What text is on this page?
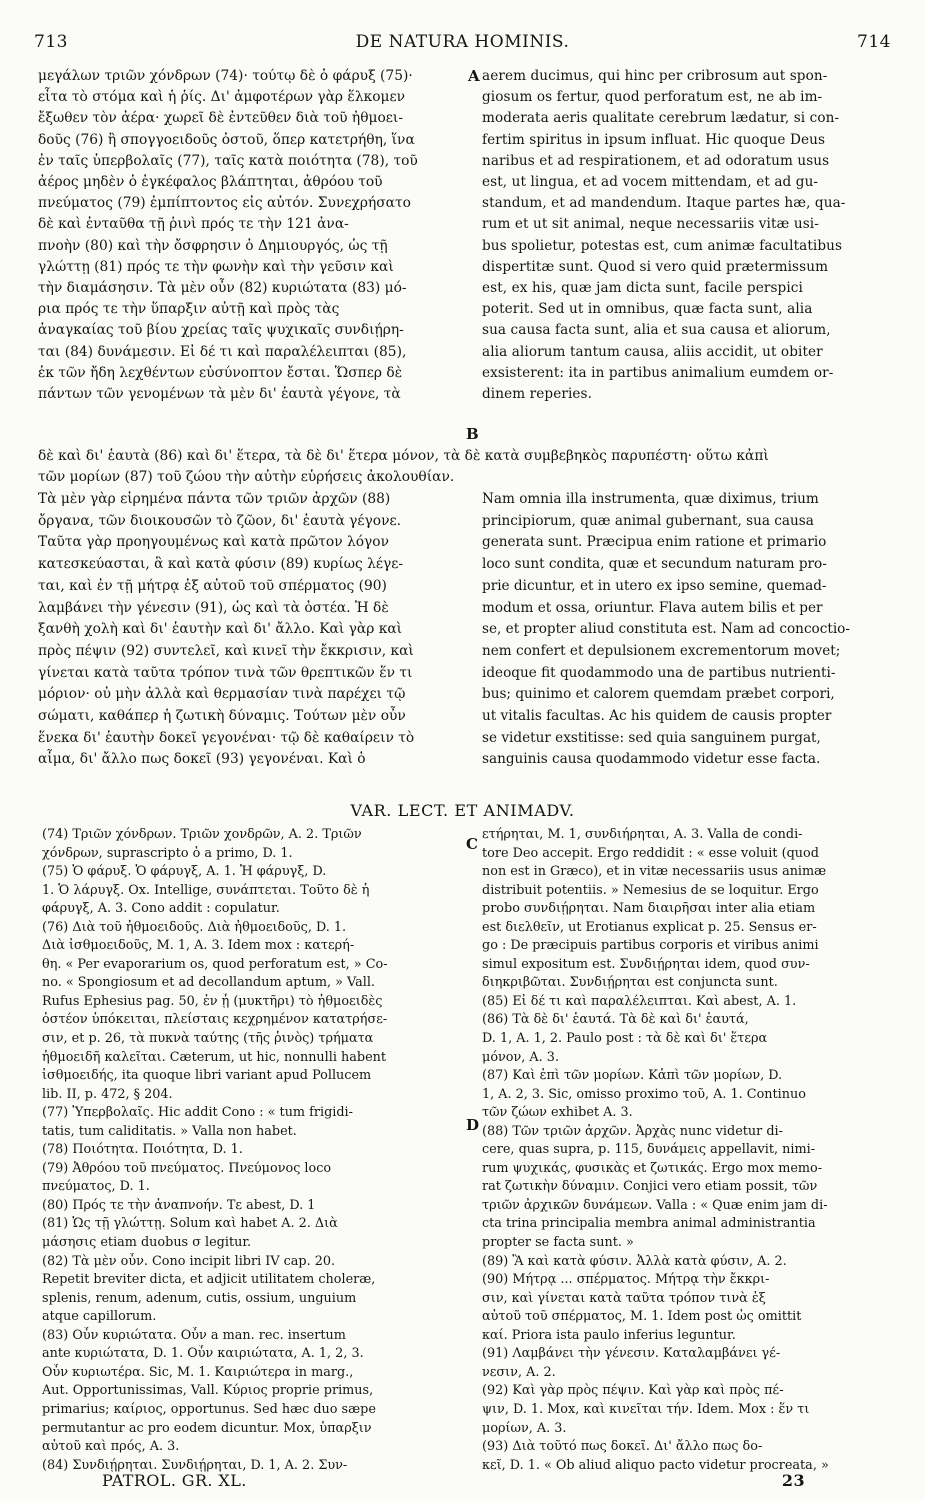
713	DE NATURA HOMINIS.	714
A
B
C
D
μεγάλων τριῶν χόνδρων (74)· τούτῳ δὲ ὁ φάρυξ (75)·
εἶτα τὸ στόμα καὶ ἡ ῥίς. Δι' ἀμφοτέρων γὰρ ἕλκομεν
ἔξωθεν τὸν ἀέρα· χωρεῖ δὲ ἐντεῦθεν διὰ τοῦ ἠθμοει-
δοῦς (76) ἢ σπογγοειδοῦς ὀστοῦ, ὅπερ κατετρήθη, ἵνα
ἐν ταῖς ὑπερβολαῖς (77), ταῖς κατὰ ποιότητα (78), τοῦ
ἀέρος μηδὲν ὁ ἐγκέφαλος βλάπτηται, ἀθρόου τοῦ
πνεύματος (79) ἐμπίπτοντος εἰς αὐτόν. Συνεχρήσατο
δὲ καὶ ἐνταῦθα τῇ ῥινὶ πρός τε τὴν 121 ἀνα-
πνοὴν (80) καὶ τὴν ὄσφρησιν ὁ Δημιουργός, ὡς τῇ
γλώττῃ (81) πρός τε τὴν φωνὴν καὶ τὴν γεῦσιν καὶ
τὴν διαμάσησιν. Τὰ μὲν οὖν (82) κυριώτατα (83) μό-
ρια πρός τε τὴν ὕπαρξιν αὐτῇ καὶ πρὸς τὰς
ἀναγκαίας τοῦ βίου χρείας ταῖς ψυχικαῖς συνδιῄρη-
ται (84) δυνάμεσιν. Εἰ δέ τι καὶ παραλέλειπται (85),
ἐκ τῶν ἤδη λεχθέντων εὐσύνοπτον ἔσται. Ὥσπερ δὲ
πάντων τῶν γενομένων τὰ μὲν δι' ἑαυτὰ γέγονε, τὰ
aerem ducimus, qui hinc per cribrosum aut spon-
giosum os fertur, quod perforatum est, ne ab im-
moderata aeris qualitate cerebrum lædatur, si con-
fertim spiritus in ipsum influat. Hic quoque Deus
naribus et ad respirationem, et ad odoratum usus
est, ut lingua, et ad vocem mittendam, et ad gu-
standum, et ad mandendum. Itaque partes hæ, qua-
rum et ut sit animal, neque necessariis vitæ usi-
bus spolietur, potestas est, cum animæ facultatibus
dispertitæ sunt. Quod si vero quid prætermissum
est, ex his, quæ jam dicta sunt, facile perspici
poterit. Sed ut in omnibus, quæ facta sunt, alia
sua causa facta sunt, alia et sua causa et aliorum,
alia aliorum tantum causa, aliis accidit, ut obiter
exsisterent: ita in partibus animalium eumdem or-
dinem reperies.
δὲ καὶ δι' ἑαυτὰ (86) καὶ δι' ἕτερα, τὰ δὲ δι' ἕτερα μόνον, τὰ δὲ κατὰ συμβεβηκὸς παρυπέστη· οὕτω κἀπὶ
τῶν μορίων (87) τοῦ ζώου τὴν αὐτὴν εὑρήσεις ἀκολουθίαν.
Τὰ μὲν γὰρ εἰρημένα πάντα τῶν τριῶν ἀρχῶν (88)
ὄργανα, τῶν διοικουσῶν τὸ ζῶον, δι' ἑαυτὰ γέγονε.
Ταῦτα γὰρ προηγουμένως καὶ κατὰ πρῶτον λόγον
κατεσκεύασται, ἃ καὶ κατὰ φύσιν (89) κυρίως λέγε-
ται, καὶ ἐν τῇ μήτρᾳ ἐξ αὐτοῦ τοῦ σπέρματος (90)
λαμβάνει τὴν γένεσιν (91), ὡς καὶ τὰ ὀστέα. Ἡ δὲ
ξανθὴ χολὴ καὶ δι' ἑαυτὴν καὶ δι' ἄλλο. Καὶ γὰρ καὶ
πρὸς πέψιν (92) συντελεῖ, καὶ κινεῖ τὴν ἔκκρισιν, καὶ
γίνεται κατὰ ταῦτα τρόπον τινὰ τῶν θρεπτικῶν ἕν τι
μόριον· οὐ μὴν ἀλλὰ καὶ θερμασίαν τινὰ παρέχει τῷ
σώματι, καθάπερ ἡ ζωτικὴ δύναμις. Τούτων μὲν οὖν
ἕνεκα δι' ἑαυτὴν δοκεῖ γεγονέναι· τῷ δὲ καθαίρειν τὸ
αἷμα, δι' ἄλλο πως δοκεῖ (93) γεγονέναι. Καὶ ὁ
Nam omnia illa instrumenta, quæ diximus, trium
principiorum, quæ animal gubernant, sua causa
generata sunt. Præcipua enim ratione et primario
loco sunt condita, quæ et secundum naturam pro-
prie dicuntur, et in utero ex ipso semine, quemad-
modum et ossa, oriuntur. Flava autem bilis et per
se, et propter aliud constituta est. Nam ad concoctio-
nem confert et depulsionem excrementorum movet;
ideoque fit quodammodo una de partibus nutrienti-
bus; quinimo et calorem quemdam præbet corpori,
ut vitalis facultas. Ac his quidem de causis propter
se videtur exstitisse: sed quia sanguinem purgat,
sanguinis causa quodammodo videtur esse facta.
VAR. LECT. ET ANIMADV.
(74) Τριῶν χόνδρων. Τριῶν χονδρῶν, A. 2. Τριῶν
χόνδρων, suprascripto ὁ a primo, D. 1.
(75) Ὁ φάρυξ. Ὁ φάρυγξ, A. 1. Ἡ φάρυγξ, D.
1. Ὁ λάρυγξ. Ox. Intellige, συνάπτεται. Τοῦτο δὲ ἡ
φάρυγξ, A. 3. Cono addit : copulatur.
(76) Διὰ τοῦ ἠθμοειδοῦς. Διὰ ἠθμοειδοῦς, D. 1.
Διὰ ἰσθμοειδοῦς, M. 1, A. 3. Idem mox : κατερή-
θη. « Per evaporarium os, quod perforatum est, » Co-
no. « Spongiosum et ad decollandum aptum, » Vall.
Rufus Ephesius pag. 50, ἐν ᾗ (μυκτῆρι) τὸ ἠθμοειδὲς
ὀστέον ὑπόκειται, πλείσταις κεχρημένον κατατρήσε-
σιν, et p. 26, τὰ πυκνὰ ταύτης (τῆς ῥινὸς) τρήματα
ἠθμοειδῆ καλεῖται. Cæterum, ut hic, nonnulli habent
ἰσθμοειδής, ita quoque libri variant apud Pollucem
lib. II, p. 472, § 204.
(77) Ὑπερβολαῖς. Hic addit Cono : « tum frigidi-
tatis, tum caliditatis. » Valla non habet.
(78) Ποιότητα. Ποιότητα, D. 1.
(79) Ἀθρόου τοῦ πνεύματος. Πνεύμονος loco
πνεύματος, D. 1.
(80) Πρός τε τὴν ἀναπνοήν. Τε abest, D. 1
(81) Ὡς τῇ γλώττῃ. Solum καὶ habet A. 2. Διὰ
μάσησις etiam duobus σ legitur.
(82) Τὰ μὲν οὖν. Cono incipit libri IV cap. 20.
Repetit breviter dicta, et adjicit utilitatem choleræ,
splenis, renum, adenum, cutis, ossium, unguium
atque capillorum.
(83) Οὖν κυριώτατα. Οὖν a man. rec. insertum
ante κυριώτατα, D. 1. Οὖν καιριώτατα, A. 1, 2, 3.
Οὖν κυριωτέρα. Sic, M. 1. Καιριώτερα in marg.,
Aut. Opportunissimas, Vall. Κύριος proprie primus,
primarius; καίριος, opportunus. Sed hæc duo sæpe
permutantur ac pro eodem dicuntur. Mox, ὑπαρξιν
αὐτοῦ καὶ πρός, A. 3.
(84) Συνδιῄρηται. Συνδιῄρηται, D. 1, A. 2. Συν-
ετήρηται, M. 1, συνδιήρηται, A. 3. Valla de condi-
tore Deo accepit. Ergo reddidit : « esse voluit (quod
non est in Græco), et in vitæ necessariis usus animæ
distribuit potentiis. » Nemesius de se loquitur. Ergo
probo συνδιῄρηται. Nam διαιρῆσαι inter alia etiam
est διελθεῖν, ut Erotianus explicat p. 25. Sensus er-
go : De præcipuis partibus corporis et viribus animi
simul expositum est. Συνδιῄρηται idem, quod συν-
διηκριβῶται. Συνδιῄρηται est conjuncta sunt.
(85) Εἰ δέ τι καὶ παραλέλειπται. Καὶ abest, A. 1.
(86) Τὰ δὲ δι' ἑαυτά. Τὰ δὲ καὶ δι' ἑαυτά,
D. 1, A. 1, 2. Paulo post : τὰ δὲ καὶ δι' ἕτερα
μόνον, A. 3.
(87) Καὶ ἐπὶ τῶν μορίων. Κἀπὶ τῶν μορίων, D.
1, A. 2, 3. Sic, omisso proximo τοῦ, A. 1. Continuo
τῶν ζώων exhibet A. 3.
(88) Τῶν τριῶν ἀρχῶν. Ἀρχὰς nunc videtur di-
cere, quas supra, p. 115, δυνάμεις appellavit, nimi-
rum ψυχικάς, φυσικὰς et ζωτικάς. Ergo mox memo-
rat ζωτικὴν δύναμιν. Conjici vero etiam possit, τῶν
τριῶν ἀρχικῶν δυνάμεων. Valla : « Quæ enim jam di-
cta trina principalia membra animal administrantia
propter se facta sunt. »
(89) Ἃ καὶ κατὰ φύσιν. Ἀλλὰ κατὰ φύσιν, A. 2.
(90) Μήτρᾳ ... σπέρματος. Μήτρᾳ τὴν ἔκκρι-
σιν, καὶ γίνεται κατὰ ταῦτα τρόπον τινὰ ἐξ
αὐτοῦ τοῦ σπέρματος, M. 1. Idem post ὡς omittit
καί. Priora ista paulo inferius leguntur.
(91) Λαμβάνει τὴν γένεσιν. Καταλαμβάνει γέ-
νεσιν, A. 2.
(92) Καὶ γὰρ πρὸς πέψιν. Καὶ γὰρ καὶ πρὸς πέ-
ψιν, D. 1. Mox, καὶ κινεῖται τήν. Idem. Mox : ἕν τι
μορίων, A. 3.
(93) Διὰ τοῦτό πως δοκεῖ. Δι' ἄλλο πως δο-
κεῖ, D. 1. « Ob aliud aliquo pacto videtur procreata, »
PATROL. GR. XL.	23
